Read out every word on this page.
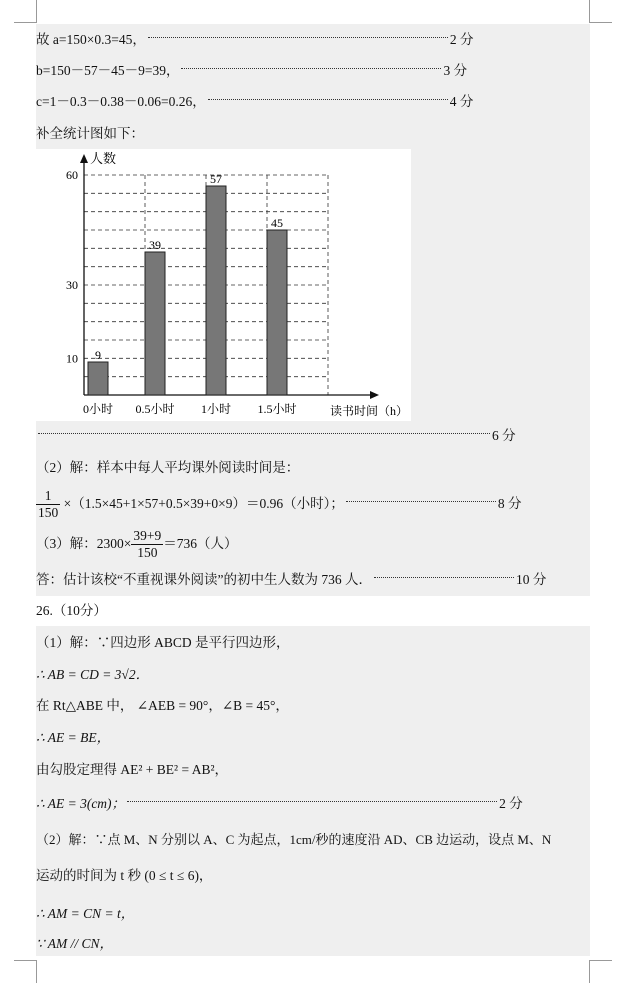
故 a=150×0.3=45，	2 分
b=150－57－45－9=39，	3 分
c=1－0.3－0.38－0.06=0.26，	4 分
补全统计图如下：
人数
读书时间（h）
10
30
60
9
0小时
39
0.5小时
57
1小时
45
1.5小时
6 分
（2）解：样本中每人平均课外阅读时间是：
$\frac{1}{150} \times(1.5\times 45+1\times 57+0.5\times 39+0\times 9)=0.96$（小时）；	8 分
（3）解：$2300\times \frac{39+9}{150} =736$（人）
答：估计该校“不重视课外阅读”的初中生人数为 736 人．	10 分
26.（10分）
（1）解：∵四边形 ABCD 是平行四边形，
∴ AB = CD = 3√2．
在 Rt△ABE 中， ∠AEB = 90°，∠B = 45°，
∴ AE = BE，
由勾股定理得 AE² + BE² = AB²，
∴ AE = 3(cm)；	2 分
（2）解：∵点 M、N 分别以 A、C 为起点，1cm/秒的速度沿 AD、CB 边运动，设点 M、N
运动的时间为 t 秒 (0 ≤ t ≤ 6)，
∴ AM = CN = t，
∵ AM // CN，
